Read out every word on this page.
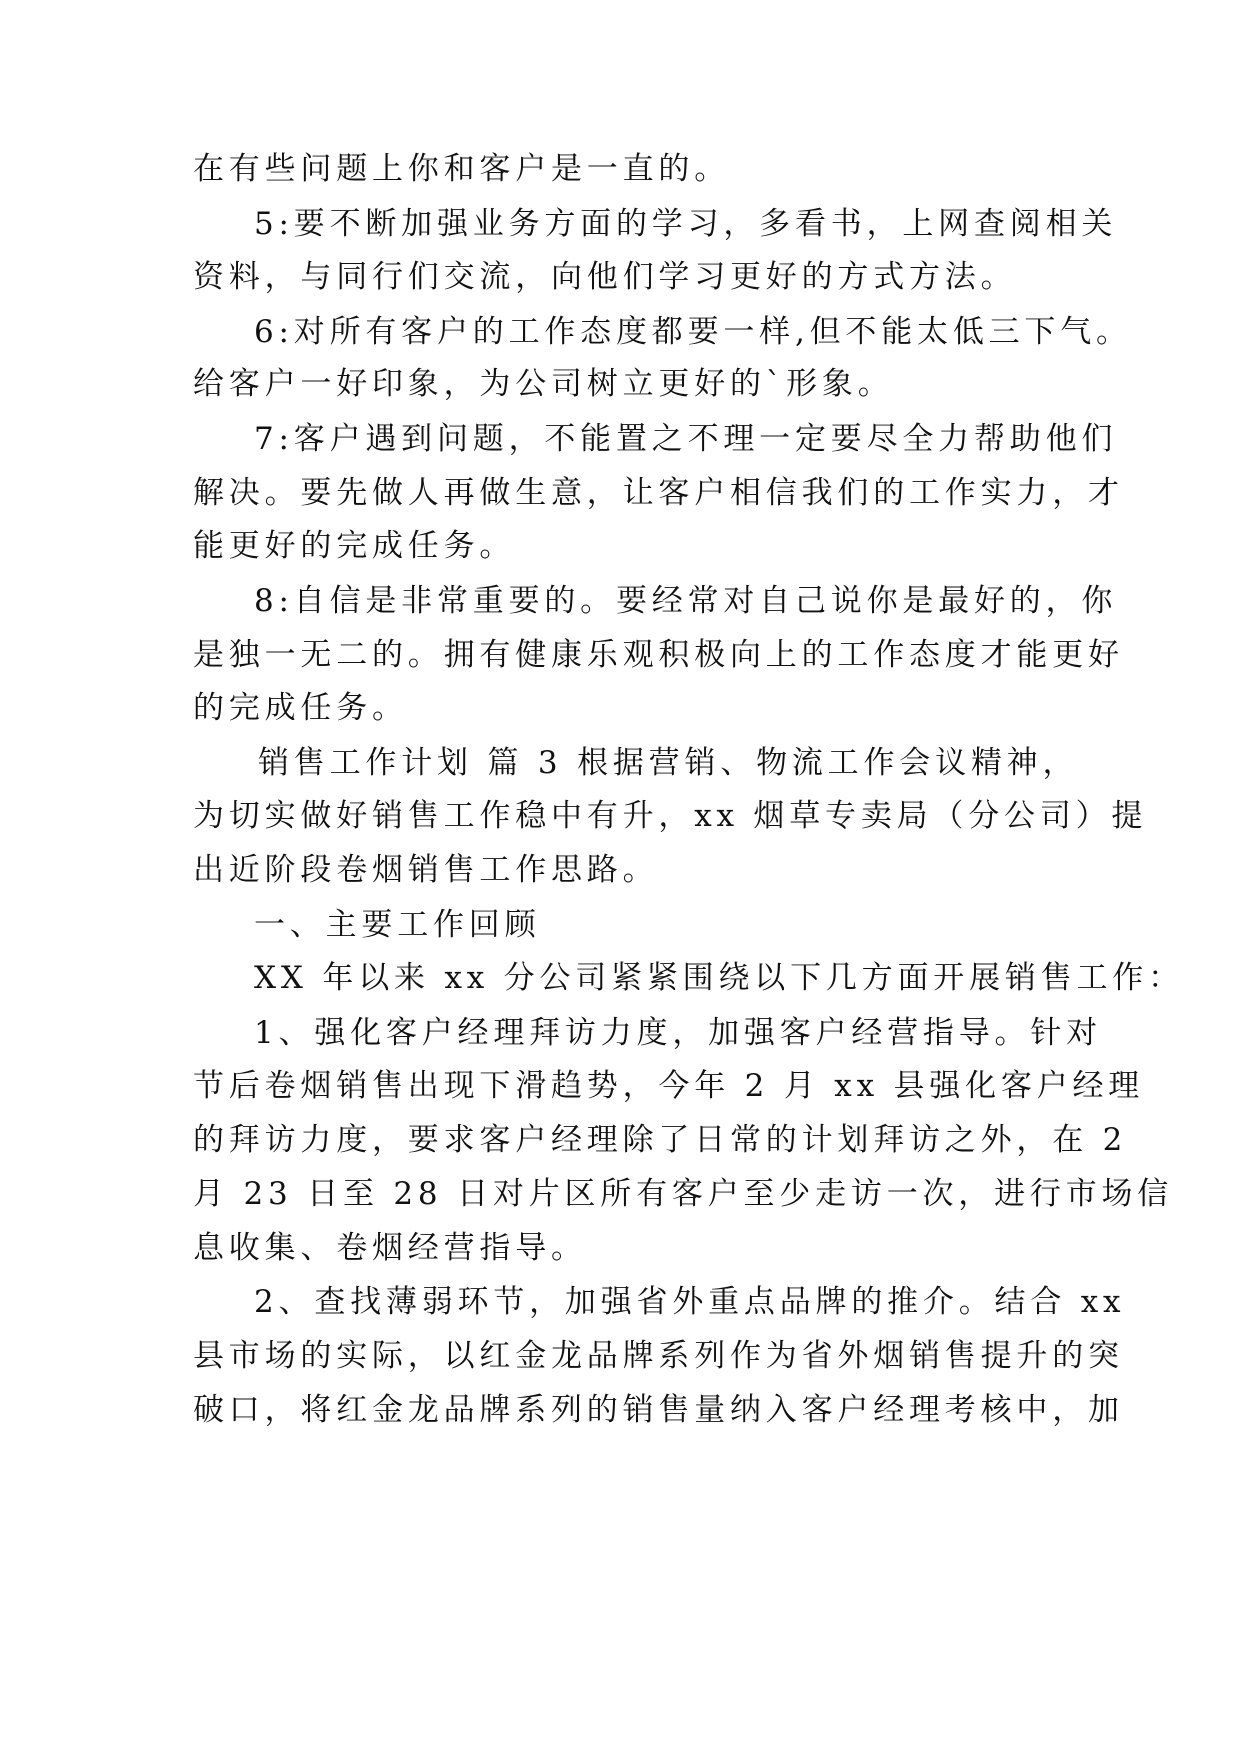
在有些问题上你和客户是一直的。
5:要不断加强业务方面的学习，多看书，上网查阅相关
资料，与同行们交流，向他们学习更好的方式方法。
6:对所有客户的工作态度都要一样,但不能太低三下气。
给客户一好印象，为公司树立更好的`形象。
7:客户遇到问题，不能置之不理一定要尽全力帮助他们
解决。要先做人再做生意，让客户相信我们的工作实力，才
能更好的完成任务。
8:自信是非常重要的。要经常对自己说你是最好的，你
是独一无二的。拥有健康乐观积极向上的工作态度才能更好
的完成任务。
销售工作计划 篇 3 根据营销、物流工作会议精神，
为切实做好销售工作稳中有升，xx 烟草专卖局（分公司）提
出近阶段卷烟销售工作思路。
一、主要工作回顾
XX 年以来 xx 分公司紧紧围绕以下几方面开展销售工作：
1、强化客户经理拜访力度，加强客户经营指导。针对
节后卷烟销售出现下滑趋势，今年 2 月 xx 县强化客户经理
的拜访力度，要求客户经理除了日常的计划拜访之外，在 2
月 23 日至 28 日对片区所有客户至少走访一次，进行市场信
息收集、卷烟经营指导。
2、查找薄弱环节，加强省外重点品牌的推介。结合 xx
县市场的实际，以红金龙品牌系列作为省外烟销售提升的突
破口，将红金龙品牌系列的销售量纳入客户经理考核中，加
